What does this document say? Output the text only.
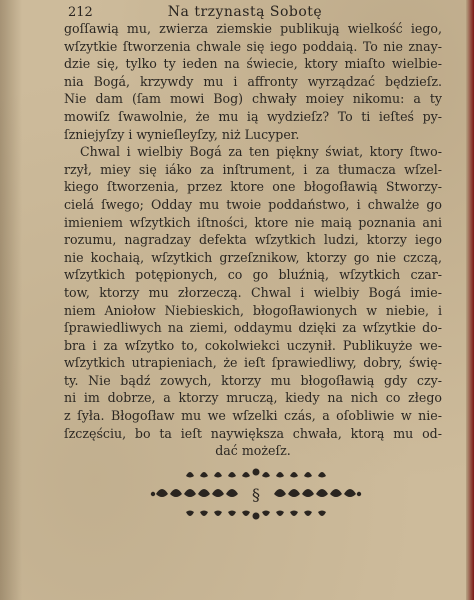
212	Na trzynastą Sobotę
goſſawią mu, zwierza ziemskie publikują wielkość iego,
wſzytkie ſtworzenia chwale się iego poddaią. To nie znay-
dzie się, tylko ty ieden na świecie, ktory miaſto wielbie-
nia Bogá, krzywdy mu i affronty wyrządzać będzieſz.
Nie dam (ſam mowi Bog) chwały moiey nikomu: a ty
mowiſz ſwawolnie, że mu ią wydzieſz? To ti ieſteś py-
ſzniejyſzy i wynieſleyſzy, niż Lucyper.
Chwal i wielbiy Bogá za ten piękny świat, ktory ſtwo-
rzył, miey się iáko za inſtrument, i za tłumacza wſzel-
kiego ſtworzenia, przez ktore one błogoſławią Stworzy-
cielá ſwego; Odday mu twoie poddaństwo, i chwalże go
imieniem wſzytkich iſtności, ktore nie maią poznania ani
rozumu, nagradzay defekta wſzytkich ludzi, ktorzy iego
nie kochaią, wſzytkich grzeſznikow, ktorzy go nie czczą,
wſzytkich potępionych, co go bluźnią, wſzytkich czar-
tow, ktorzy mu złorzeczą. Chwal i wielbiy Bogá imie-
niem Aniołow Niebieskich, błogoſławionych w niebie, i
ſprawiedliwych na ziemi, oddaymu dzięki za wſzytkie do-
bra i za wſzytko to, cokolwiekci uczynił. Publikuyże we-
wſzytkich utrapieniach, że ieſt ſprawiedliwy, dobry, świę-
ty. Nie bądź zowych, ktorzy mu błogoſławią gdy czy-
ni im dobrze, a ktorzy mruczą, kiedy na nich co złego
z ſyła. Błogoſław mu we wſzelki czás, a oſobliwie w nie-
ſzczęściu, bo ta ieſt naywiększa chwała, ktorą mu od-
dać możeſz.
§
